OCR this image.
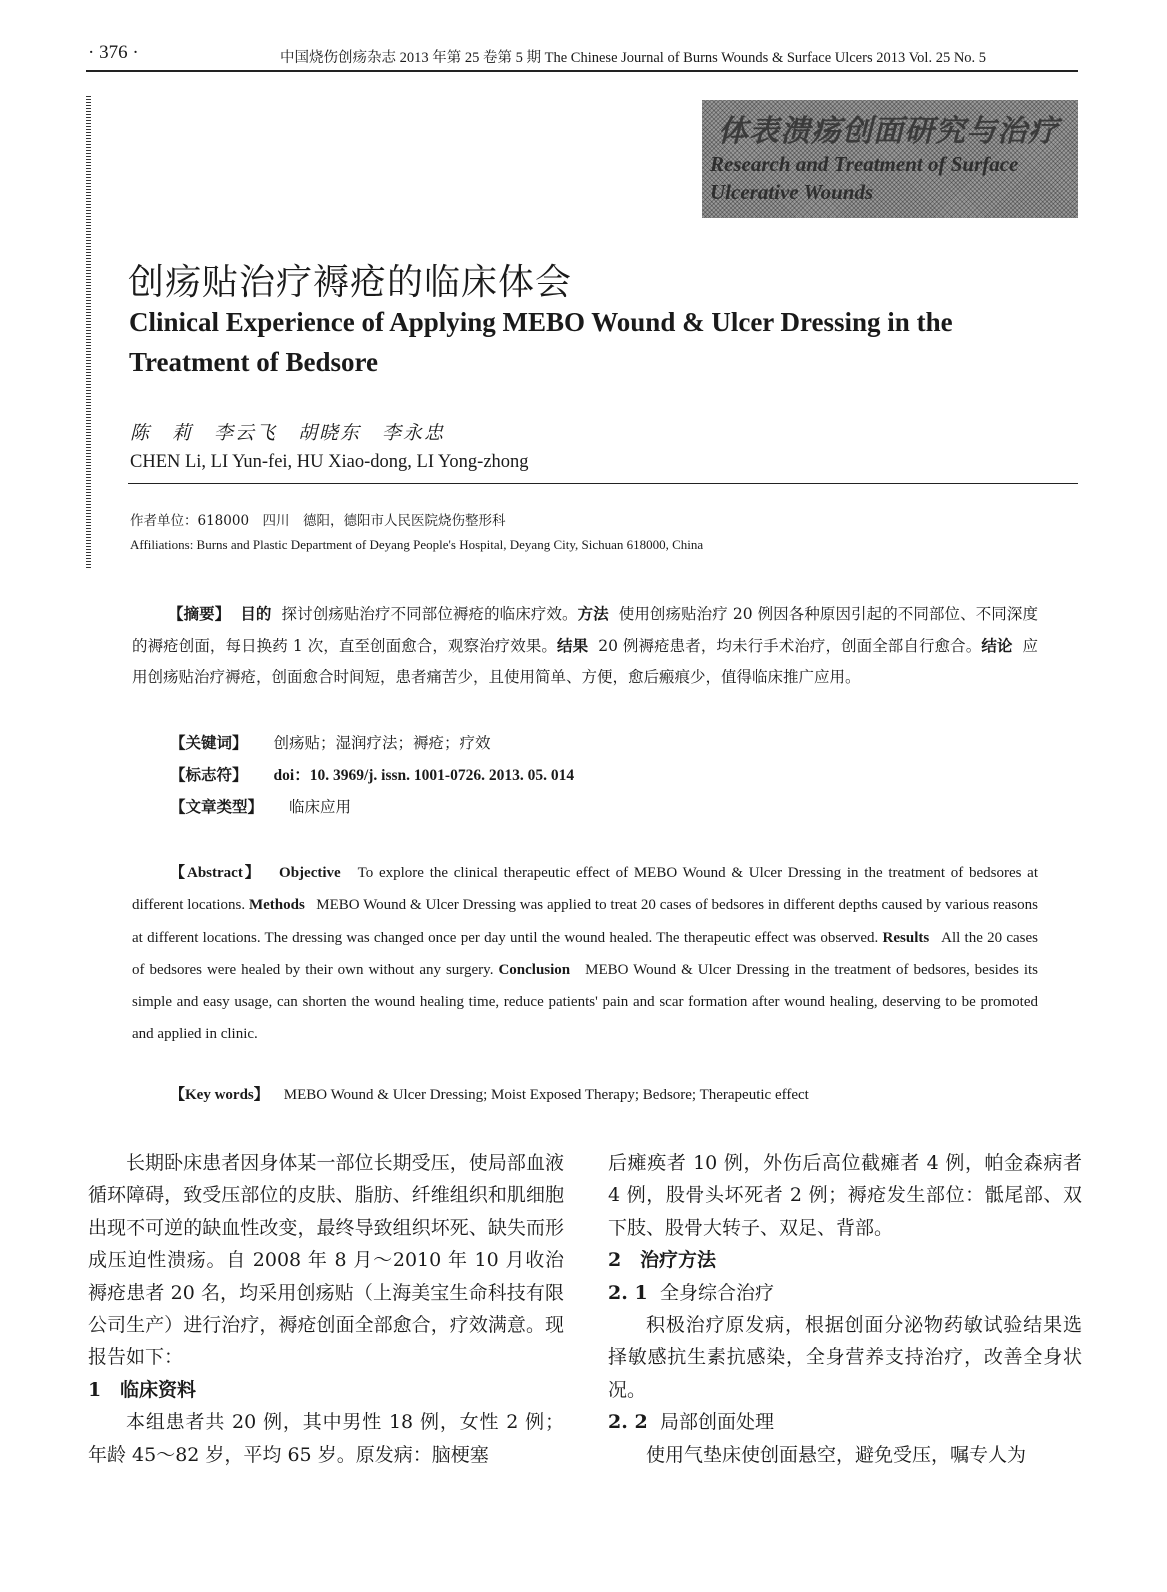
· 376 ·	中国烧伤创疡杂志 2013 年第 25 卷第 5 期 The Chinese Journal of Burns Wounds & Surface Ulcers 2013 Vol. 25 No. 5
体表溃疡创面研究与治疗
Research and Treatment of Surface
Ulcerative Wounds
创疡贴治疗褥疮的临床体会
Clinical Experience of Applying MEBO Wound & Ulcer Dressing in the Treatment of Bedsore
陈　莉　李云飞　胡晓东　李永忠
CHEN Li, LI Yun-fei, HU Xiao-dong, LI Yong-zhong
作者单位：618000　四川　德阳，德阳市人民医院烧伤整形科
Affiliations: Burns and Plastic Department of Deyang People's Hospital, Deyang City, Sichuan 618000, China
【摘要】 目的 探讨创疡贴治疗不同部位褥疮的临床疗效。方法 使用创疡贴治疗 20 例因各种原因引起的不同部位、不同深度的褥疮创面，每日换药 1 次，直至创面愈合，观察治疗效果。结果 20 例褥疮患者，均未行手术治疗，创面全部自行愈合。结论 应用创疡贴治疗褥疮，创面愈合时间短，患者痛苦少，且使用简单、方便，愈后瘢痕少，值得临床推广应用。
【关键词】 创疡贴；湿润疗法；褥疮；疗效
【标志符】 doi：10. 3969/j. issn. 1001-0726. 2013. 05. 014
【文章类型】 临床应用
【Abstract】 Objective To explore the clinical therapeutic effect of MEBO Wound & Ulcer Dressing in the treatment of bedsores at different locations. Methods MEBO Wound & Ulcer Dressing was applied to treat 20 cases of bedsores in different depths caused by various reasons at different locations. The dressing was changed once per day until the wound healed. The therapeutic effect was observed. Results All the 20 cases of bedsores were healed by their own without any surgery. Conclusion MEBO Wound & Ulcer Dressing in the treatment of bedsores, besides its simple and easy usage, can shorten the wound healing time, reduce patients' pain and scar formation after wound healing, deserving to be promoted and applied in clinic.
【Key words】 MEBO Wound & Ulcer Dressing; Moist Exposed Therapy; Bedsore; Therapeutic effect

长期卧床患者因身体某一部位长期受压，使局部血液循环障碍，致受压部位的皮肤、脂肪、纤维组织和肌细胞出现不可逆的缺血性改变，最终导致组织坏死、缺失而形成压迫性溃疡。自 2008 年 8 月～2010 年 10 月收治褥疮患者 20 名，均采用创疡贴（上海美宝生命科技有限公司生产）进行治疗，褥疮创面全部愈合，疗效满意。现报告如下：

1 临床资料

本组患者共 20 例，其中男性 18 例，女性 2 例；年龄 45～82 岁，平均 65 岁。原发病：脑梗塞

后瘫痪者 10 例，外伤后高位截瘫者 4 例，帕金森病者 4 例，股骨头坏死者 2 例；褥疮发生部位：骶尾部、双下肢、股骨大转子、双足、背部。

2 治疗方法

2. 1 全身综合治疗

积极治疗原发病，根据创面分泌物药敏试验结果选择敏感抗生素抗感染，全身营养支持治疗，改善全身状况。

2. 2 局部创面处理

使用气垫床使创面悬空，避免受压，嘱专人为
